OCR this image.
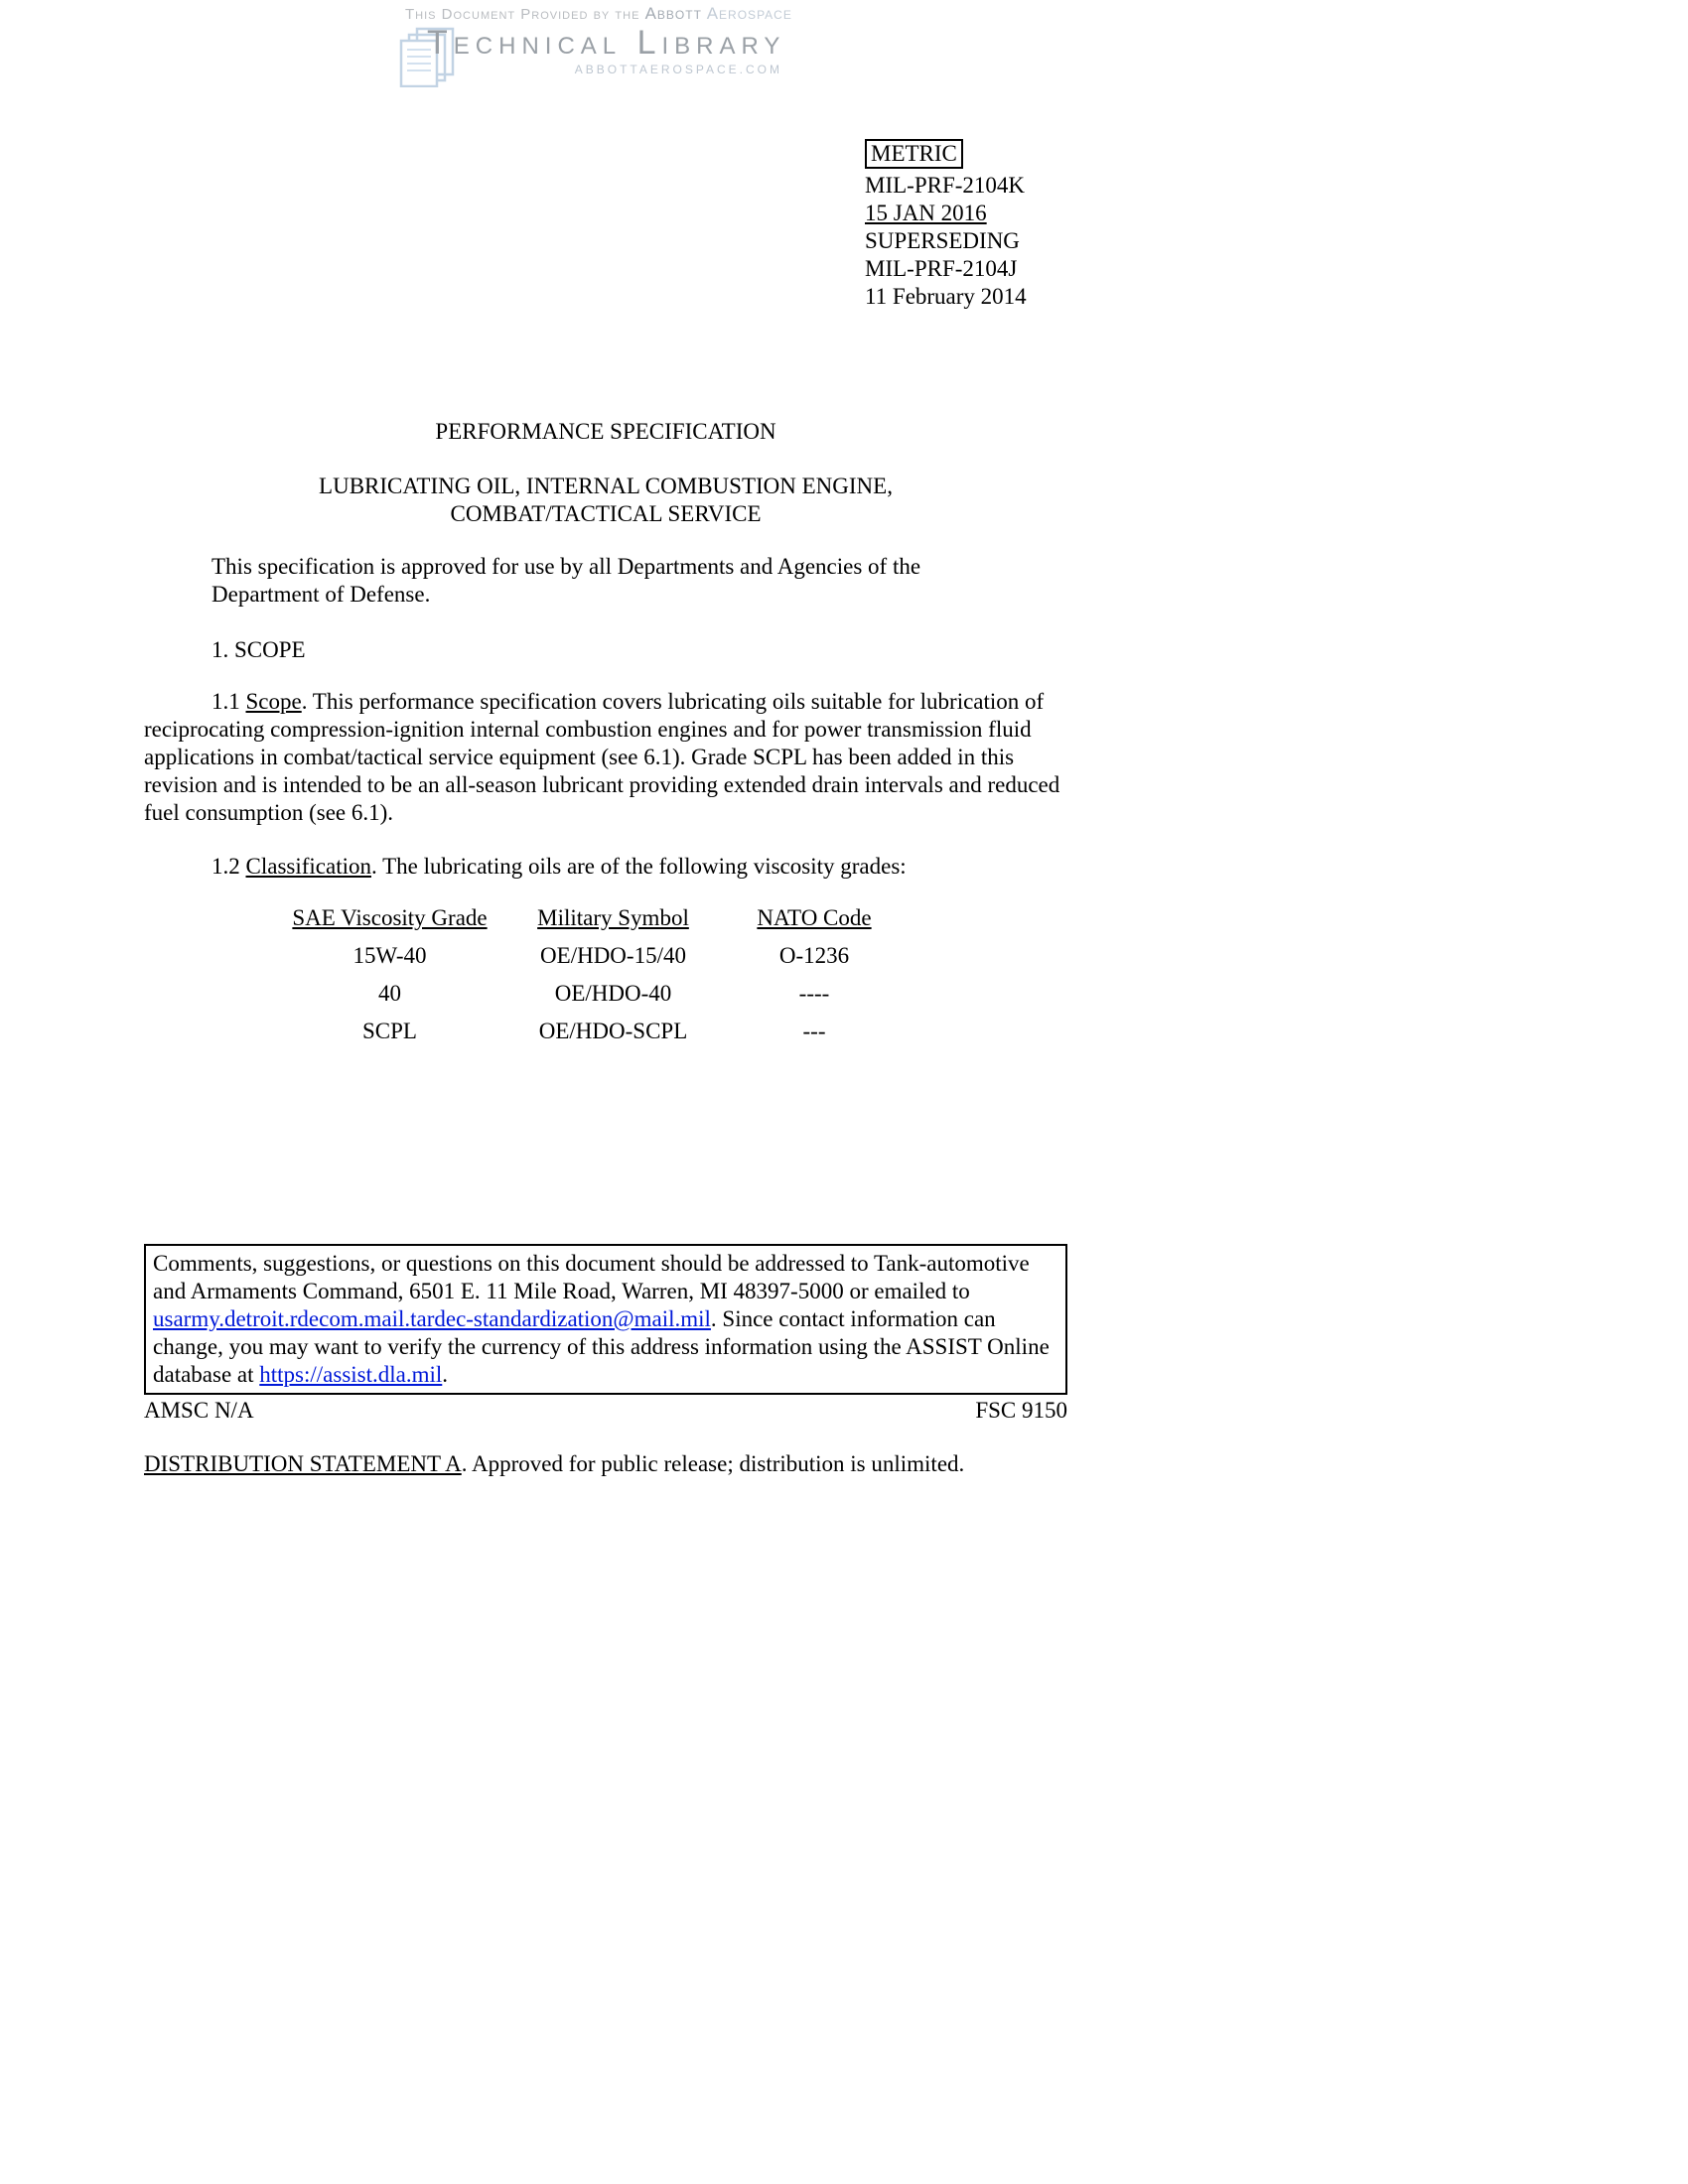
This Document Provided by the Abbott Aerospace
Technical Library
ABBOTTAEROSPACE.COM
METRIC
MIL-PRF-2104K
15 JAN 2016
SUPERSEDING
MIL-PRF-2104J
11 February 2014
PERFORMANCE SPECIFICATION
LUBRICATING OIL, INTERNAL COMBUSTION ENGINE,
COMBAT/TACTICAL SERVICE

This specification is approved for use by all Departments and Agencies of the Department of Defense.

1. SCOPE

1.1 Scope. This performance specification covers lubricating oils suitable for lubrication of reciprocating compression-ignition internal combustion engines and for power transmission fluid applications in combat/tactical service equipment (see 6.1). Grade SCPL has been added in this revision and is intended to be an all-season lubricant providing extended drain intervals and reduced fuel consumption (see 6.1).

1.2 Classification. The lubricating oils are of the following viscosity grades:

SAE Viscosity Grade	Military Symbol	NATO Code
15W-40	OE/HDO-15/40	O-1236
40	OE/HDO-40	----
SCPL	OE/HDO-SCPL	---
Comments, suggestions, or questions on this document should be addressed to Tank-automotive and Armaments Command, 6501 E. 11 Mile Road, Warren, MI 48397-5000 or emailed to usarmy.detroit.rdecom.mail.tardec-standardization@mail.mil. Since contact information can change, you may want to verify the currency of this address information using the ASSIST Online database at https://assist.dla.mil.
AMSC N/A	FSC 9150

DISTRIBUTION STATEMENT A. Approved for public release; distribution is unlimited.
